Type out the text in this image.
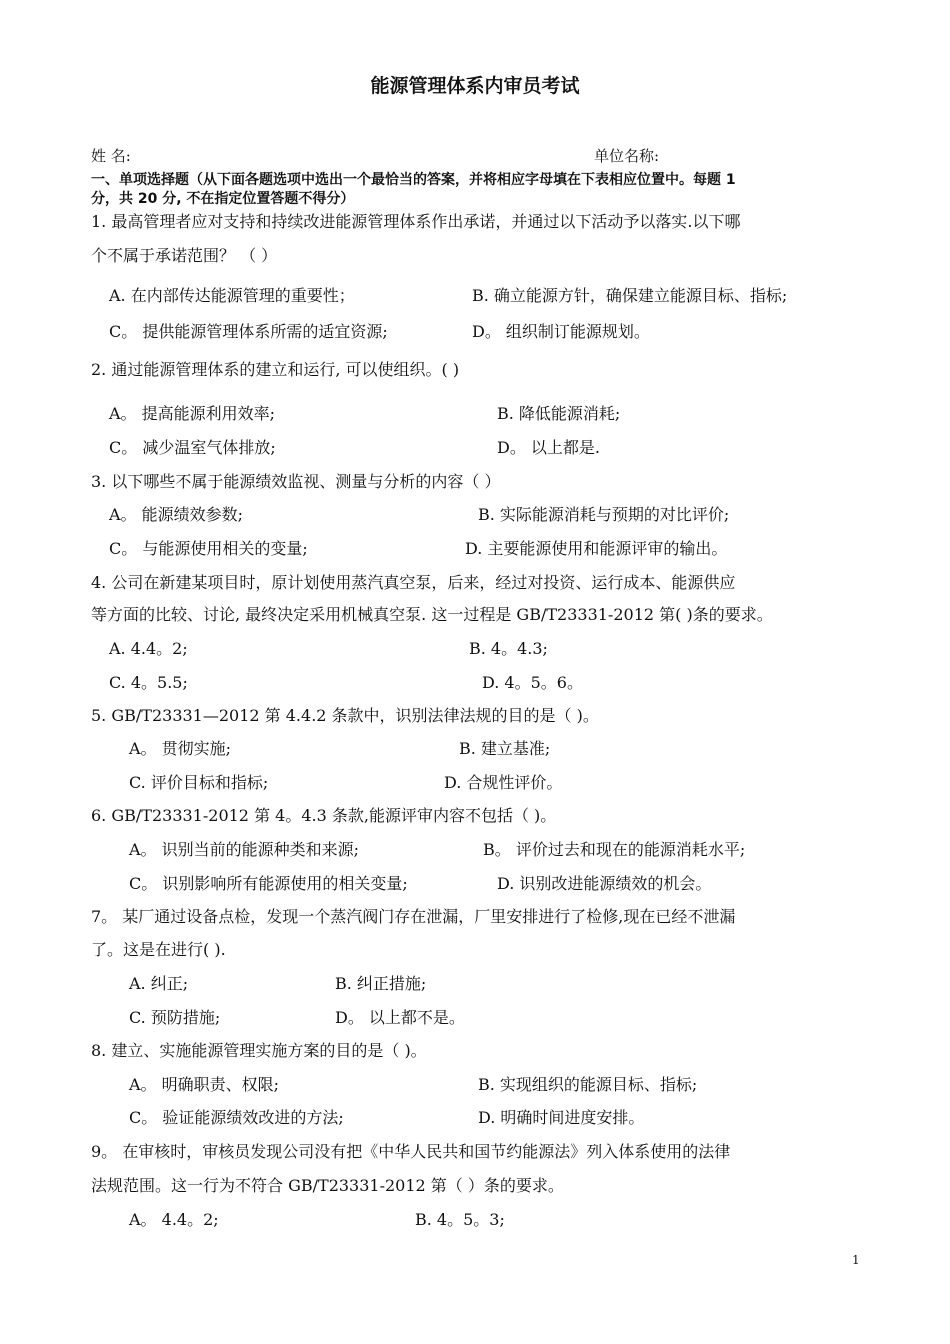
能源管理体系内审员考试
姓 名:	单位名称:
一、单项选择题（从下面各题选项中选出一个最恰当的答案，并将相应字母填在下表相应位置中。每题 1
分，共 20 分, 不在指定位置答题不得分）
1. 最高管理者应对支持和持续改进能源管理体系作出承诺，并通过以下活动予以落实.以下哪
个不属于承诺范围？ （ ）
A. 在内部传达能源管理的重要性；	B. 确立能源方针，确保建立能源目标、指标;
C。 提供能源管理体系所需的适宜资源;	D。 组织制订能源规划。
2. 通过能源管理体系的建立和运行, 可以使组织。( )
A。 提高能源利用效率;	B. 降低能源消耗;
C。 减少温室气体排放;	D。 以上都是.
3. 以下哪些不属于能源绩效监视、测量与分析的内容（ ）
A。 能源绩效参数;	B. 实际能源消耗与预期的对比评价;
C。 与能源使用相关的变量;	D. 主要能源使用和能源评审的输出。
4. 公司在新建某项目时，原计划使用蒸汽真空泵，后来，经过对投资、运行成本、能源供应
等方面的比较、讨论, 最终决定采用机械真空泵. 这一过程是 GB/T23331-2012 第( )条的要求。
A. 4.4。2;	B. 4。4.3;
C. 4。5.5;	D. 4。5。6。
5. GB/T23331—2012 第 4.4.2 条款中，识别法律法规的目的是（ )。
A。 贯彻实施;	B. 建立基准;
C. 评价目标和指标;	D. 合规性评价。
6. GB/T23331-2012 第 4。4.3 条款,能源评审内容不包括（ )。
A。 识别当前的能源种类和来源;	B。 评价过去和现在的能源消耗水平;
C。 识别影响所有能源使用的相关变量;	D. 识别改进能源绩效的机会。
7。 某厂通过设备点检，发现一个蒸汽阀门存在泄漏，厂里安排进行了检修,现在已经不泄漏
了。这是在进行( ).
A. 纠正;	B. 纠正措施;
C. 预防措施;	D。 以上都不是。
8. 建立、实施能源管理实施方案的目的是（ )。
A。 明确职责、权限;	B. 实现组织的能源目标、指标;
C。 验证能源绩效改进的方法;	D. 明确时间进度安排。
9。 在审核时，审核员发现公司没有把《中华人民共和国节约能源法》列入体系使用的法律
法规范围。这一行为不符合 GB/T23331-2012 第（ ）条的要求。
A。 4.4。2;	B. 4。5。3;
1
